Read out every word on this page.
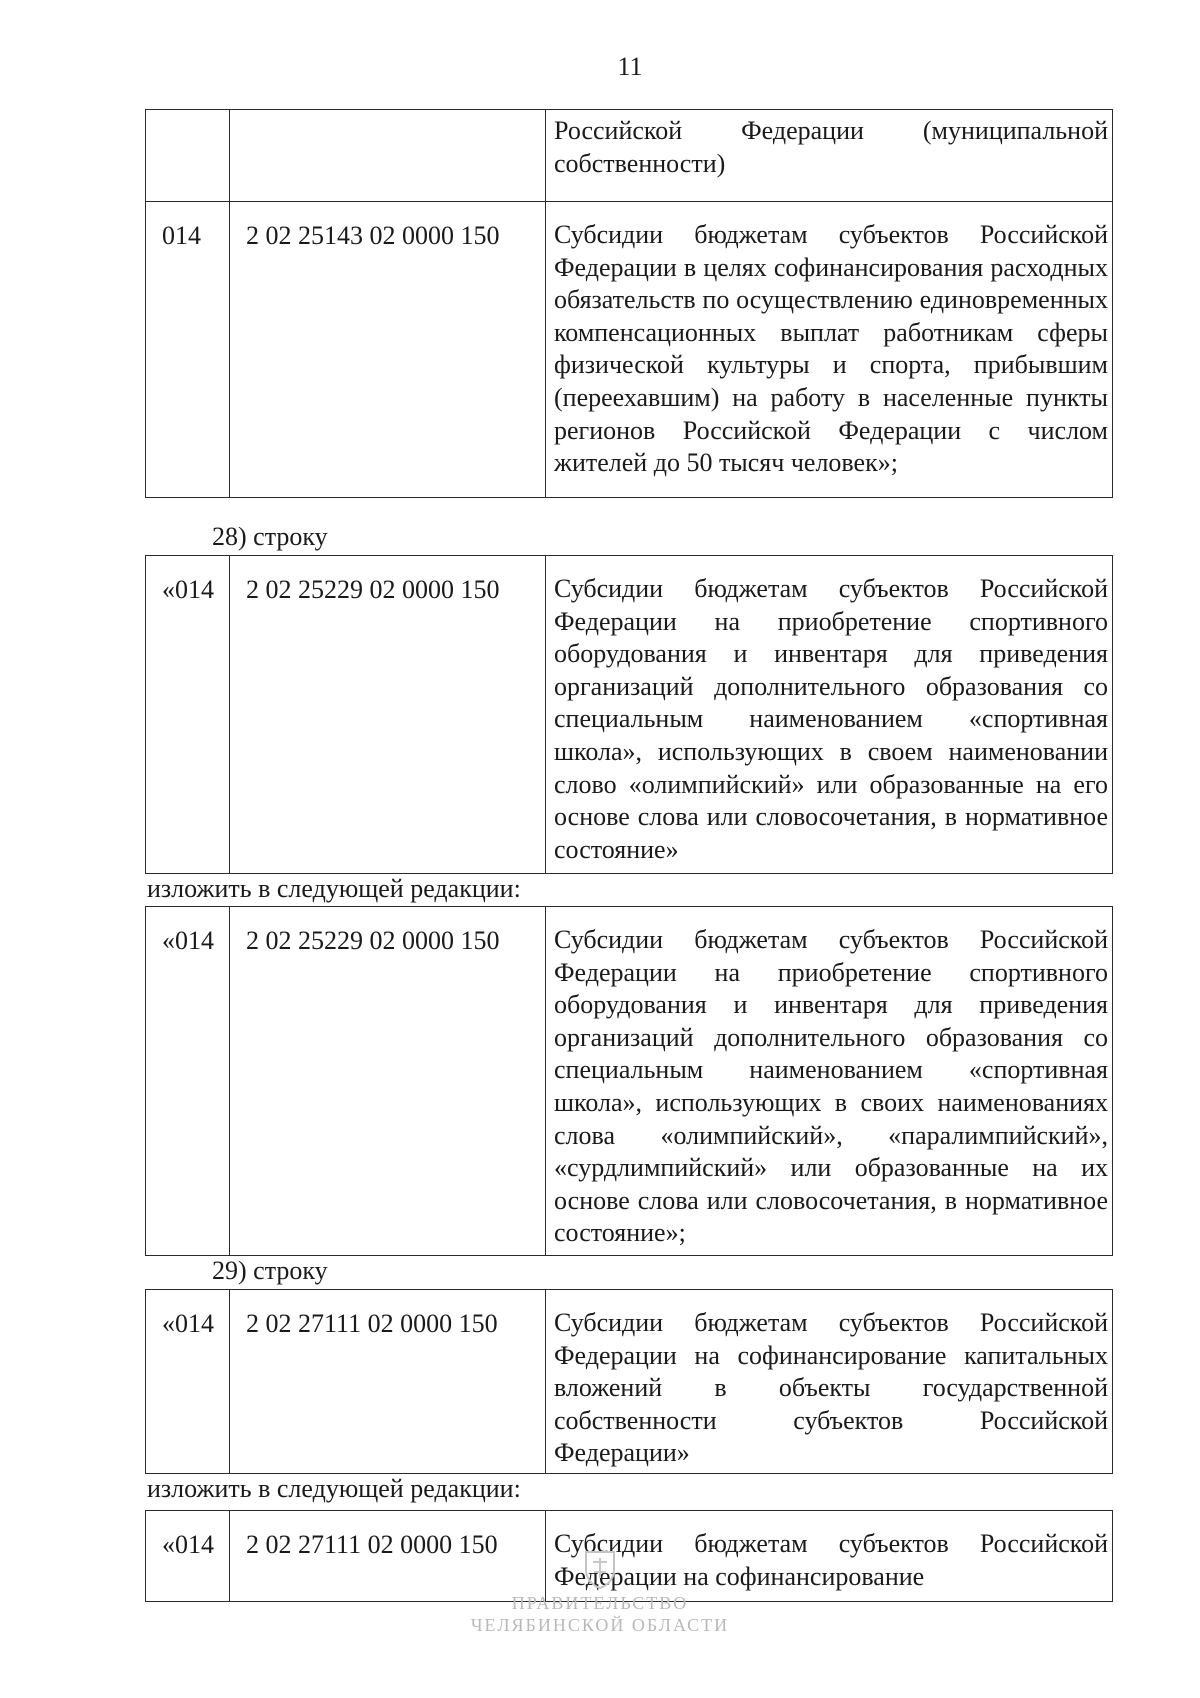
11

		Российской Федерации (муниципальной собственности)

014	2 02 25143 02 0000 150	Субсидии бюджетам субъектов Российской Федерации в целях софинансирования расходных обязательств по осуществлению единовременных компенсационных выплат работникам сферы физической культуры и спорта, прибывшим (переехавшим) на работу в населенные пункты регионов Российской Федерации с числом жителей до 50 тысяч человек»;
28) строку
«014	2 02 25229 02 0000 150	Субсидии бюджетам субъектов Российской Федерации на приобретение спортивного оборудования и инвентаря для приведения организаций дополнительного образования со специальным наименованием «спортивная школа», использующих в своем наименовании слово «олимпийский» или образованные на его основе слова или словосочетания, в нормативное состояние»
изложить в следующей редакции:
«014	2 02 25229 02 0000 150	Субсидии бюджетам субъектов Российской Федерации на приобретение спортивного оборудования и инвентаря для приведения организаций дополнительного образования со специальным наименованием «спортивная школа», использующих в своих наименованиях слова «олимпийский», «паралимпийский», «сурдлимпийский» или образованные на их основе слова или словосочетания, в нормативное состояние»;
29) строку
«014	2 02 27111 02 0000 150	Субсидии бюджетам субъектов Российской Федерации на софинансирование капитальных вложений в объекты государственной собственности субъектов Российской Федерации»
изложить в следующей редакции:
«014	2 02 27111 02 0000 150	Субсидии бюджетам субъектов Российской Федерации на софинансирование
ПРАВИТЕЛЬСТВО
ЧЕЛЯБИНСКОЙ ОБЛАСТИ
